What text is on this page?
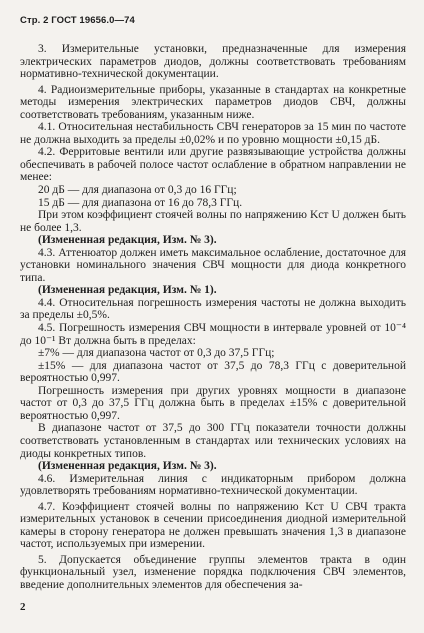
Стр. 2 ГОСТ 19656.0—74

3. Измерительные установки, предназначенные для измерения электрических параметров диодов, должны соответствовать требованиям нормативно-технической документации.

4. Радиоизмерительные приборы, указанные в стандартах на конкретные методы измерения электрических параметров диодов СВЧ, должны соответствовать требованиям, указанным ниже.

4.1. Относительная нестабильность СВЧ генераторов за 15 мин по частоте не должна выходить за пределы ±0,02% и по уровню мощности ±0,15 дБ.

4.2. Ферритовые вентили или другие развязывающие устройства должны обеспечивать в рабочей полосе частот ослабление в обратном направлении не менее:

20 дБ — для диапазона от 0,3 до 16 ГГц;

15 дБ — для диапазона от 16 до 78,3 ГГц.

При этом коэффициент стоячей волны по напряжению Kст U должен быть не более 1,3.

(Измененная редакция, Изм. № 3).

4.3. Аттенюатор должен иметь максимальное ослабление, достаточное для установки номинального значения СВЧ мощности для диода конкретного типа.

(Измененная редакция, Изм. № 1).

4.4. Относительная погрешность измерения частоты не должна выходить за пределы ±0,5%.

4.5. Погрешность измерения СВЧ мощности в интервале уровней от 10⁻⁴ до 10⁻¹ Вт должна быть в пределах:

±7% — для диапазона частот от 0,3 до 37,5 ГГц;

±15% — для диапазона частот от 37,5 до 78,3 ГГц с доверительной вероятностью 0,997.

Погрешность измерения при других уровнях мощности в диапазоне частот от 0,3 до 37,5 ГГц должна быть в пределах ±15% с доверительной вероятностью 0,997.

В диапазоне частот от 37,5 до 300 ГГц показатели точности должны соответствовать установленным в стандартах или технических условиях на диоды конкретных типов.

(Измененная редакция, Изм. № 3).

4.6. Измерительная линия с индикаторным прибором должна удовлетворять требованиям нормативно-технической документации.

4.7. Коэффициент стоячей волны по напряжению Kст U СВЧ тракта измерительных установок в сечении присоединения диодной измерительной камеры в сторону генератора не должен превышать значения 1,3 в диапазоне частот, используемых при измерении.

5. Допускается объединение группы элементов тракта в один функциональный узел, изменение порядка подключения СВЧ элементов, введение дополнительных элементов для обеспечения за-

2
